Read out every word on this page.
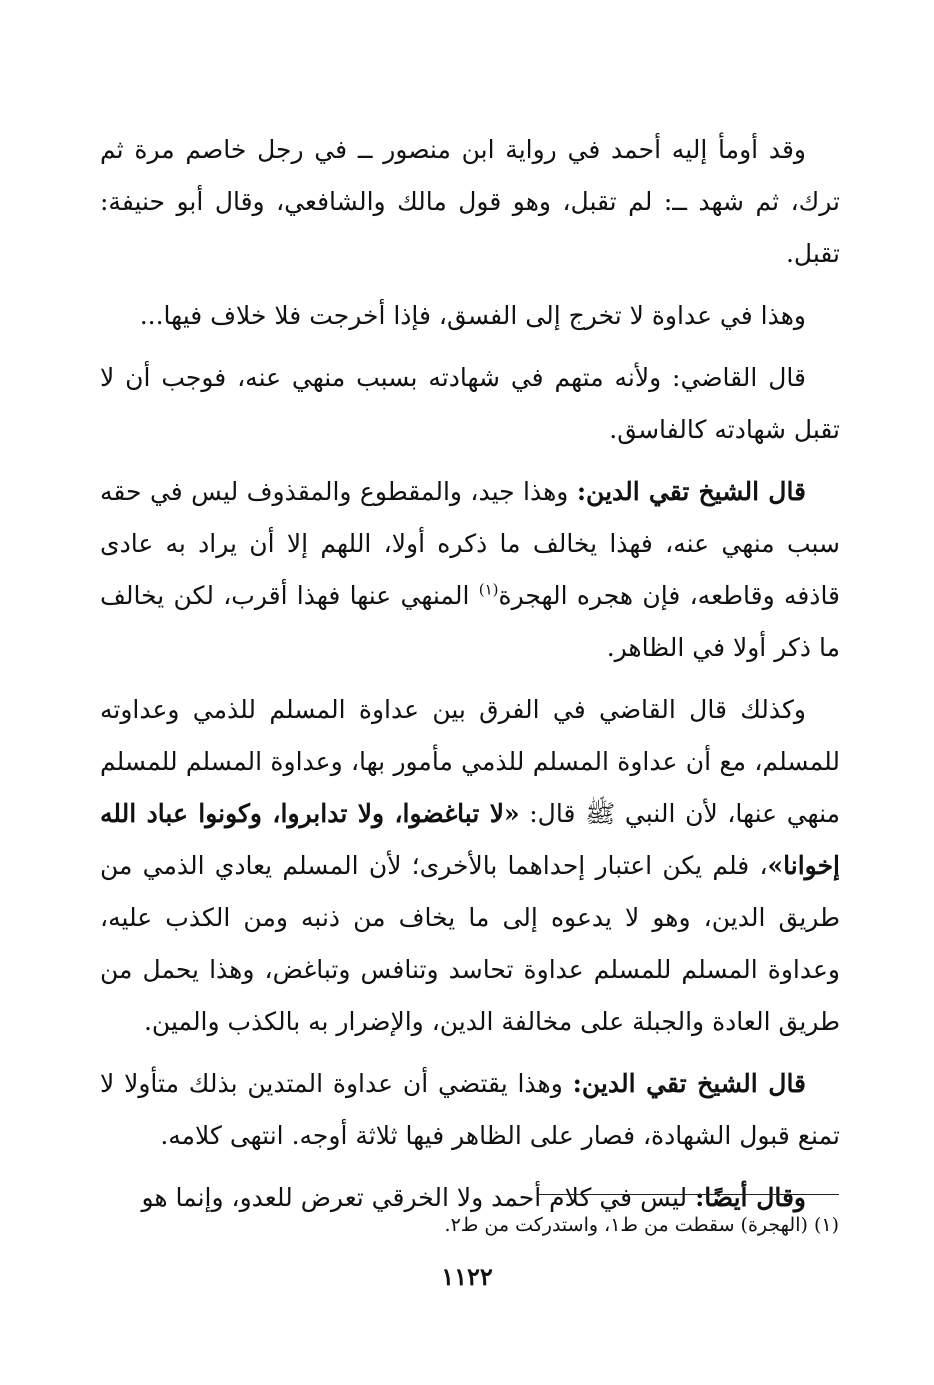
وقد أومأ إليه أحمد في رواية ابن منصور ــ في رجل خاصم مرة ثم ترك، ثم شهد ــ: لم تقبل، وهو قول مالك والشافعي، وقال أبو حنيفة: تقبل.

وهذا في عداوة لا تخرج إلى الفسق، فإذا أخرجت فلا خلاف فيها...

قال القاضي: ولأنه متهم في شهادته بسبب منهي عنه، فوجب أن لا تقبل شهادته كالفاسق.

قال الشيخ تقي الدين: وهذا جيد، والمقطوع والمقذوف ليس في حقه سبب منهي عنه، فهذا يخالف ما ذكره أولا، اللهم إلا أن يراد به عادى قاذفه وقاطعه، فإن هجره الهجرة$^{(١)}$ المنهي عنها فهذا أقرب، لكن يخالف ما ذكر أولا في الظاهر.

وكذلك قال القاضي في الفرق بين عداوة المسلم للذمي وعداوته للمسلم، مع أن عداوة المسلم للذمي مأمور بها، وعداوة المسلم للمسلم منهي عنها، لأن النبي ﷺ قال: «لا تباغضوا، ولا تدابروا، وكونوا عباد الله إخوانا»، فلم يكن اعتبار إحداهما بالأخرى؛ لأن المسلم يعادي الذمي من طريق الدين، وهو لا يدعوه إلى ما يخاف من ذنبه ومن الكذب عليه، وعداوة المسلم للمسلم عداوة تحاسد وتنافس وتباغض، وهذا يحمل من طريق العادة والجبلة على مخالفة الدين، والإضرار به بالكذب والمين.

قال الشيخ تقي الدين: وهذا يقتضي أن عداوة المتدين بذلك متأولا لا تمنع قبول الشهادة، فصار على الظاهر فيها ثلاثة أوجه. انتهى كلامه.

وقال أيضًا: ليس في كلام أحمد ولا الخرقي تعرض للعدو، وإنما هو

(١) (الهجرة) سقطت من ط١، واستدركت من ط٢.
١١٢٢
